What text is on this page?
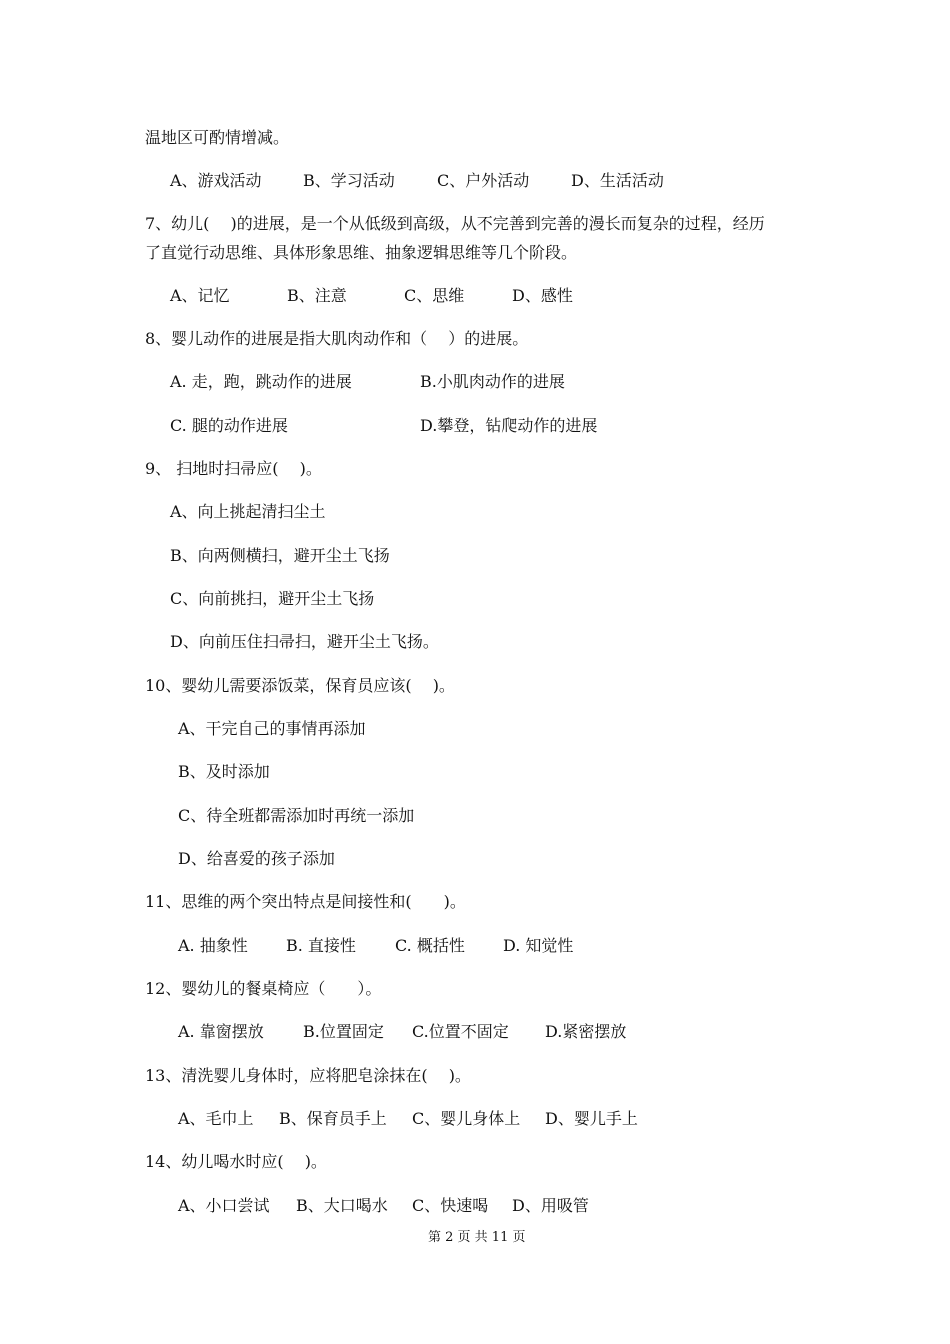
温地区可酌情增减。
A、游戏活动	B、学习活动	C、户外活动	D、生活活动
7、幼儿(　 )的进展，是一个从低级到高级，从不完善到完善的漫长而复杂的过程，经历
了直觉行动思维、具体形象思维、抽象逻辑思维等几个阶段。
A、记忆	B、注意	C、思维	D、感性
8、婴儿动作的进展是指大肌肉动作和（　 ）的进展。
A. 走，跑，跳动作的进展	B.小肌肉动作的进展
C. 腿的动作进展	D.攀登，钻爬动作的进展
9、 扫地时扫帚应(　 )。
A、向上挑起清扫尘土
B、向两侧横扫，避开尘土飞扬
C、向前挑扫，避开尘土飞扬
D、向前压住扫帚扫，避开尘土飞扬。
10、婴幼儿需要添饭菜，保育员应该(　 )。
A、干完自己的事情再添加
B、及时添加
C、待全班都需添加时再统一添加
D、给喜爱的孩子添加
11、思维的两个突出特点是间接性和(　　)。
A. 抽象性 B. 直接性 C. 概括性 D. 知觉性
12、婴幼儿的餐桌椅应（　　）。
A. 靠窗摆放 B.位置固定 C.位置不固定 D.紧密摆放
13、清洗婴儿身体时，应将肥皂涂抹在(　 )。
A、毛巾上 B、保育员手上 C、婴儿身体上 D、婴儿手上
14、幼儿喝水时应(　 )。
A、小口尝试 B、大口喝水 C、快速喝 D、用吸管
第 2 页 共 11 页
